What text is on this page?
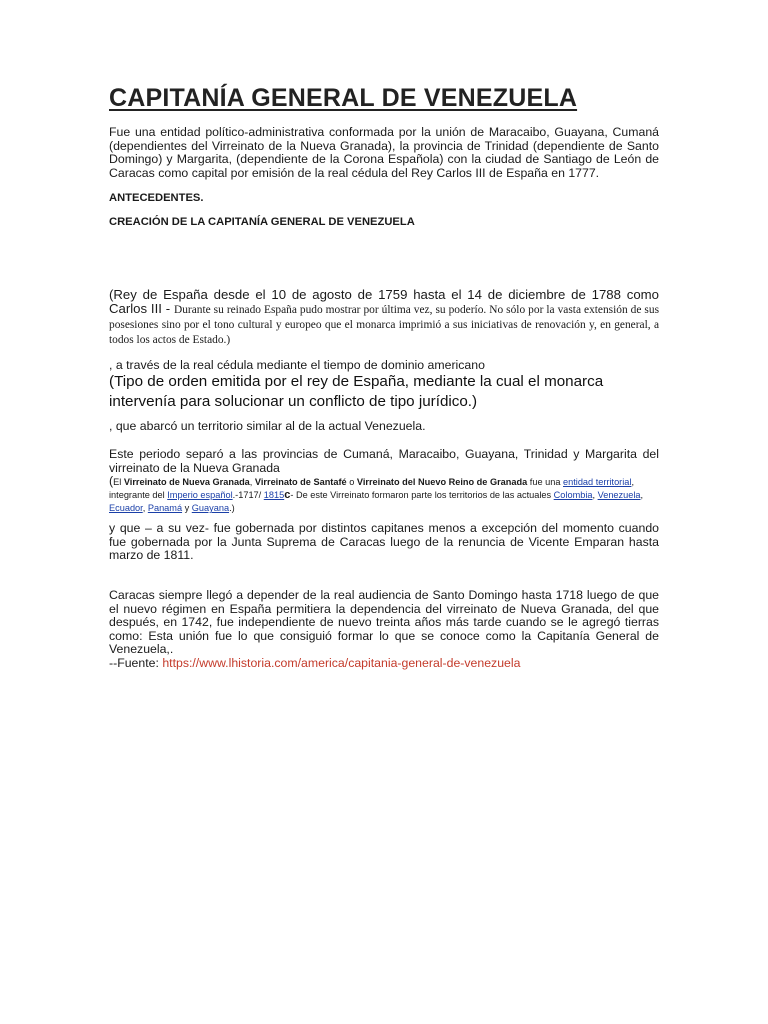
CAPITANÍA GENERAL DE VENEZUELA

Fue una entidad político-administrativa conformada por la unión de Maracaibo, Guayana, Cumaná (dependientes del Virreinato de la Nueva Granada), la provincia de Trinidad (dependiente de Santo Domingo) y Margarita, (dependiente de la Corona Española) con la ciudad de Santiago de León de Caracas como capital por emisión de la real cédula del Rey Carlos III de España en 1777.

ANTECEDENTES.

CREACIÓN DE LA CAPITANÍA GENERAL DE VENEZUELA

(Rey de España desde el 10 de agosto de 1759 hasta el 14 de diciembre de 1788 como Carlos III - Durante su reinado España pudo mostrar por última vez, su poderío. No sólo por la vasta extensión de sus posesiones sino por el tono cultural y europeo que el monarca imprimió a sus iniciativas de renovación y, en general, a todos los actos de Estado.)

, a través de la real cédula mediante el tiempo de dominio americano

(Tipo de orden emitida por el rey de España, mediante la cual el monarca intervenía para solucionar un conflicto de tipo jurídico.)

, que abarcó un territorio similar al de la actual Venezuela.

Este periodo separó a las provincias de Cumaná, Maracaibo, Guayana, Trinidad y Margarita del virreinato de la Nueva Granada

(El Virreinato de Nueva Granada, Virreinato de Santafé o Virreinato del Nuevo Reino de Granada fue una entidad territorial, integrante del Imperio español.-1717/ 1815c- De este Virreinato formaron parte los territorios de las actuales Colombia, Venezuela, Ecuador, Panamá y Guayana.)

y que – a su vez- fue gobernada por distintos capitanes menos a excepción del momento cuando fue gobernada por la Junta Suprema de Caracas luego de la renuncia de Vicente Emparan hasta marzo de 1811.

Caracas siempre llegó a depender de la real audiencia de Santo Domingo hasta 1718 luego de que el nuevo régimen en España permitiera la dependencia del virreinato de Nueva Granada, del que después, en 1742, fue independiente de nuevo treinta años más tarde cuando se le agregó tierras como: Esta unión fue lo que consiguió formar lo que se conoce como la Capitanía General de Venezuela,.

--Fuente: https://www.lhistoria.com/america/capitania-general-de-venezuela
